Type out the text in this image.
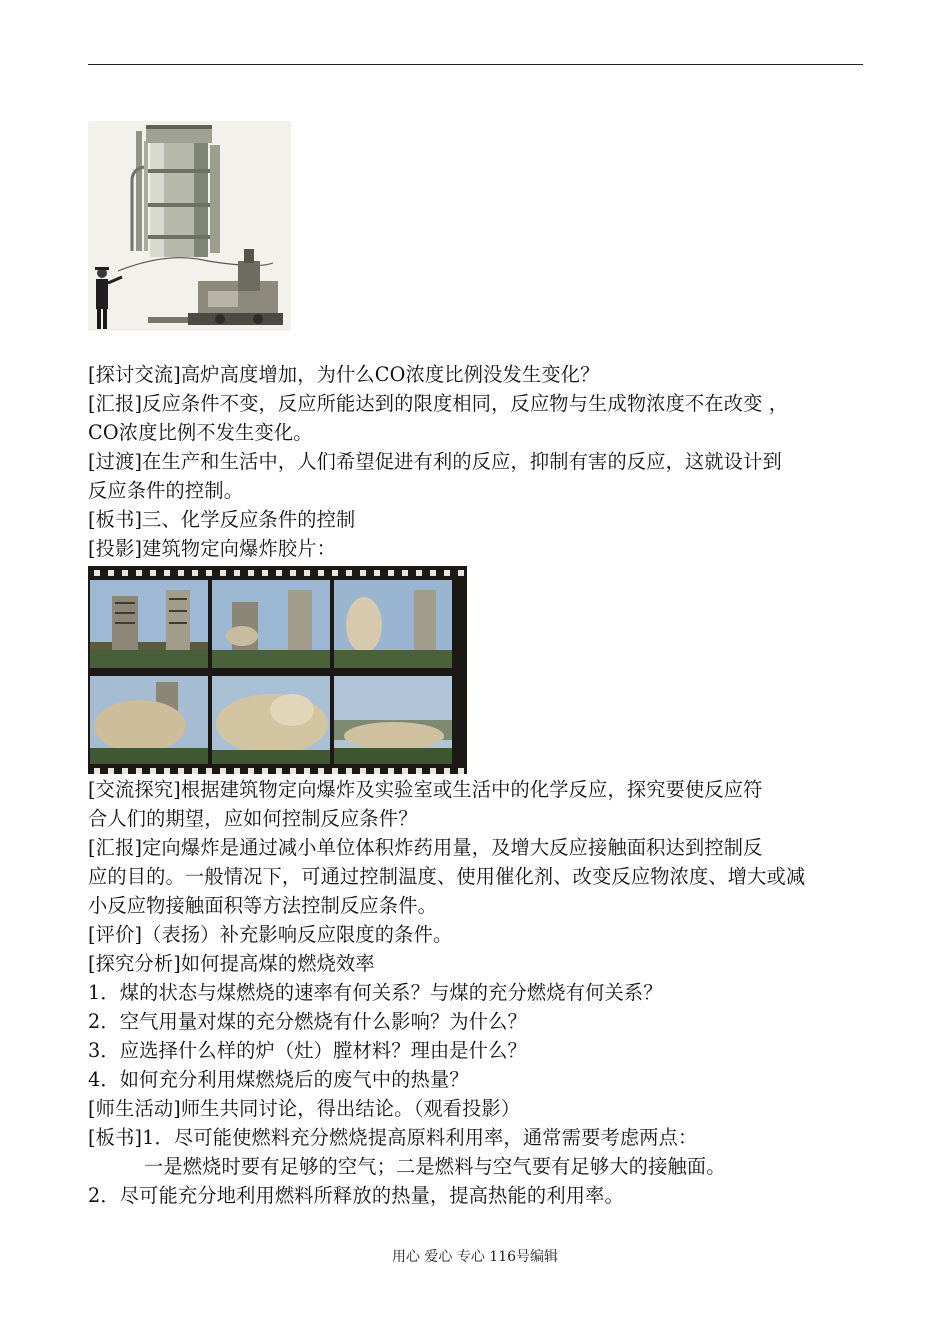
[探讨交流]高炉高度增加，为什么CO浓度比例没发生变化？
[汇报]反应条件不变，反应所能达到的限度相同，反应物与生成物浓度不在改变 ，
CO浓度比例不发生变化。
[过渡]在生产和生活中，人们希望促进有利的反应，抑制有害的反应，这就设计到
反应条件的控制。
[板书]三、化学反应条件的控制
[投影]建筑物定向爆炸胶片：
[交流探究]根据建筑物定向爆炸及实验室或生活中的化学反应，探究要使反应符
合人们的期望，应如何控制反应条件？
[汇报]定向爆炸是通过减小单位体积炸药用量，及增大反应接触面积达到控制反
应的目的。一般情况下，可通过控制温度、使用催化剂、改变反应物浓度、增大或减
小反应物接触面积等方法控制反应条件。
[评价]（表扬）补充影响反应限度的条件。
[探究分析]如何提高煤的燃烧效率
1．煤的状态与煤燃烧的速率有何关系？与煤的充分燃烧有何关系？
2．空气用量对煤的充分燃烧有什么影响？为什么？
3．应选择什么样的炉（灶）膛材料？理由是什么？
4．如何充分利用煤燃烧后的废气中的热量？
[师生活动]师生共同讨论，得出结论。（观看投影）
[板书]1．尽可能使燃料充分燃烧提高原料利用率，通常需要考虑两点：
一是燃烧时要有足够的空气；二是燃料与空气要有足够大的接触面。
2．尽可能充分地利用燃料所释放的热量，提高热能的利用率。
用心 爱心 专心 116号编辑
